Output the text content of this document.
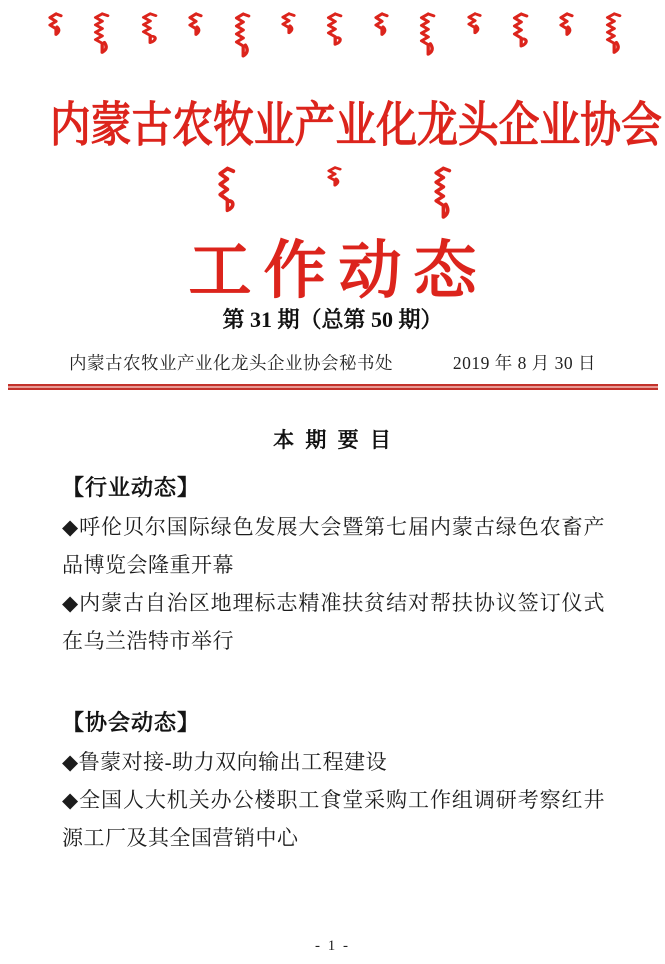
内蒙古农牧业产业化龙头企业协会
工作动态
第 31 期（总第 50 期）
内蒙古农牧业产业化龙头企业协会秘书处	2019 年 8 月 30 日
本 期 要 目
【行业动态】

◆呼伦贝尔国际绿色发展大会暨第七届内蒙古绿色农畜产品博览会隆重开幕

◆内蒙古自治区地理标志精准扶贫结对帮扶协议签订仪式在乌兰浩特市举行

【协会动态】

◆鲁蒙对接-助力双向输出工程建设

◆全国人大机关办公楼职工食堂采购工作组调研考察红井源工厂及其全国营销中心

- 1 -
